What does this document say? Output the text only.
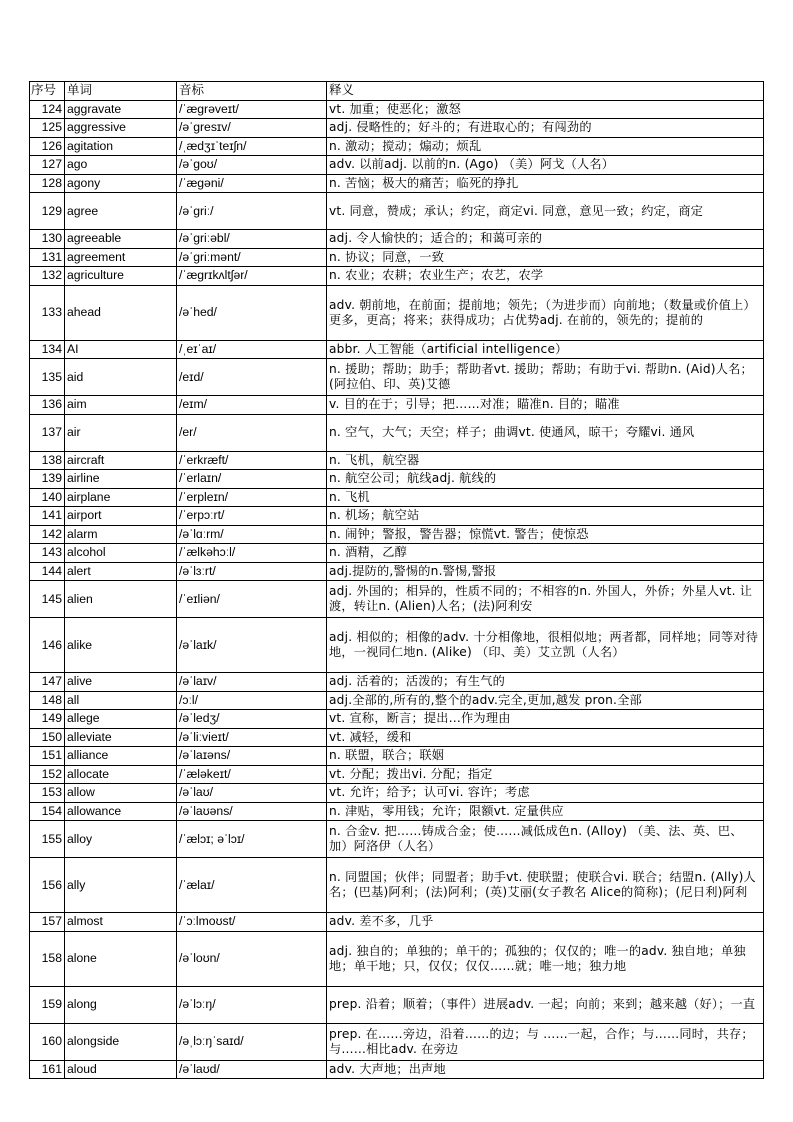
序号	单词	音标	释义
124	aggravate	/ˈæɡrəveɪt/	vt. 加重；使恶化；激怒
125	aggressive	/əˈɡresɪv/	adj. 侵略性的；好斗的；有进取心的；有闯劲的
126	agitation	/ˌædʒɪˈteɪʃn/	n. 激动；搅动；煽动；烦乱
127	ago	/əˈɡoʊ/	adv. 以前adj. 以前的n. (Ago) （美）阿戈（人名）
128	agony	/ˈæɡəni/	n. 苦恼；极大的痛苦；临死的挣扎
129	agree	/əˈɡriː/	vt. 同意，赞成；承认；约定，商定vi. 同意，意见一致；约定，商定
130	agreeable	/əˈɡriːəbl/	adj. 令人愉快的；适合的；和蔼可亲的
131	agreement	/əˈɡriːmənt/	n. 协议；同意，一致
132	agriculture	/ˈæɡrɪkʌltʃər/	n. 农业；农耕；农业生产；农艺，农学
133	ahead	/əˈhed/	adv. 朝前地，在前面；提前地；领先；（为进步而）向前地；（数量或价值上）更多，更高；将来；获得成功；占优势adj. 在前的，领先的；提前的
134	AI	/ˌeɪˈaɪ/	abbr. 人工智能（artificial intelligence）
135	aid	/eɪd/	n. 援助；帮助；助手；帮助者vt. 援助；帮助；有助于vi. 帮助n. (Aid)人名；(阿拉伯、印、英)艾德
136	aim	/eɪm/	v. 目的在于；引导；把……对准；瞄准n. 目的；瞄准
137	air	/er/	n. 空气，大气；天空；样子；曲调vt. 使通风，晾干；夸耀vi. 通风
138	aircraft	/ˈerkræft/	n. 飞机，航空器
139	airline	/ˈerlaɪn/	n. 航空公司；航线adj. 航线的
140	airplane	/ˈerpleɪn/	n. 飞机
141	airport	/ˈerpɔːrt/	n. 机场；航空站
142	alarm	/əˈlɑːrm/	n. 闹钟；警报，警告器；惊慌vt. 警告；使惊恐
143	alcohol	/ˈælkəhɔːl/	n. 酒精，乙醇
144	alert	/əˈlɜːrt/	adj.提防的,警惕的n.警惕,警报
145	alien	/ˈeɪliən/	adj. 外国的；相异的，性质不同的；不相容的n. 外国人，外侨；外星人vt. 让渡，转让n. (Alien)人名；(法)阿利安
146	alike	/əˈlaɪk/	adj. 相似的；相像的adv. 十分相像地，很相似地；两者都，同样地；同等对待地，一视同仁地n. (Alike) （印、美）艾立凯（人名）
147	alive	/əˈlaɪv/	adj. 活着的；活泼的；有生气的
148	all	/ɔːl/	adj.全部的,所有的,整个的adv.完全,更加,越发 pron.全部
149	allege	/əˈledʒ/	vt. 宣称，断言；提出…作为理由
150	alleviate	/əˈliːvieɪt/	vt. 减轻，缓和
151	alliance	/əˈlaɪəns/	n. 联盟，联合；联姻
152	allocate	/ˈæləkeɪt/	vt. 分配；拨出vi. 分配；指定
153	allow	/əˈlaʊ/	vt. 允许；给予；认可vi. 容许；考虑
154	allowance	/əˈlaʊəns/	n. 津贴，零用钱；允许；限额vt. 定量供应
155	alloy	/ˈælɔɪ; əˈlɔɪ/	n. 合金v. 把……铸成合金；使……减低成色n. (Alloy) （美、法、英、巴、加）阿洛伊（人名）
156	ally	/ˈælaɪ/	n. 同盟国；伙伴；同盟者；助手vt. 使联盟；使联合vi. 联合；结盟n. (Ally)人名；(巴基)阿利；(法)阿利；(英)艾丽(女子教名 Alice的简称)；(尼日利)阿利
157	almost	/ˈɔːlmoʊst/	adv. 差不多，几乎
158	alone	/əˈloʊn/	adj. 独自的；单独的；单干的；孤独的；仅仅的；唯一的adv. 独自地；单独地；单干地；只，仅仅；仅仅……就；唯一地；独力地
159	along	/əˈlɔːŋ/	prep. 沿着；顺着；（事件）进展adv. 一起；向前；来到；越来越（好）；一直
160	alongside	/əˌlɔːŋˈsaɪd/	prep. 在……旁边，沿着……的边；与 ……一起，合作；与……同时，共存；与……相比adv. 在旁边
161	aloud	/əˈlaʊd/	adv. 大声地；出声地
